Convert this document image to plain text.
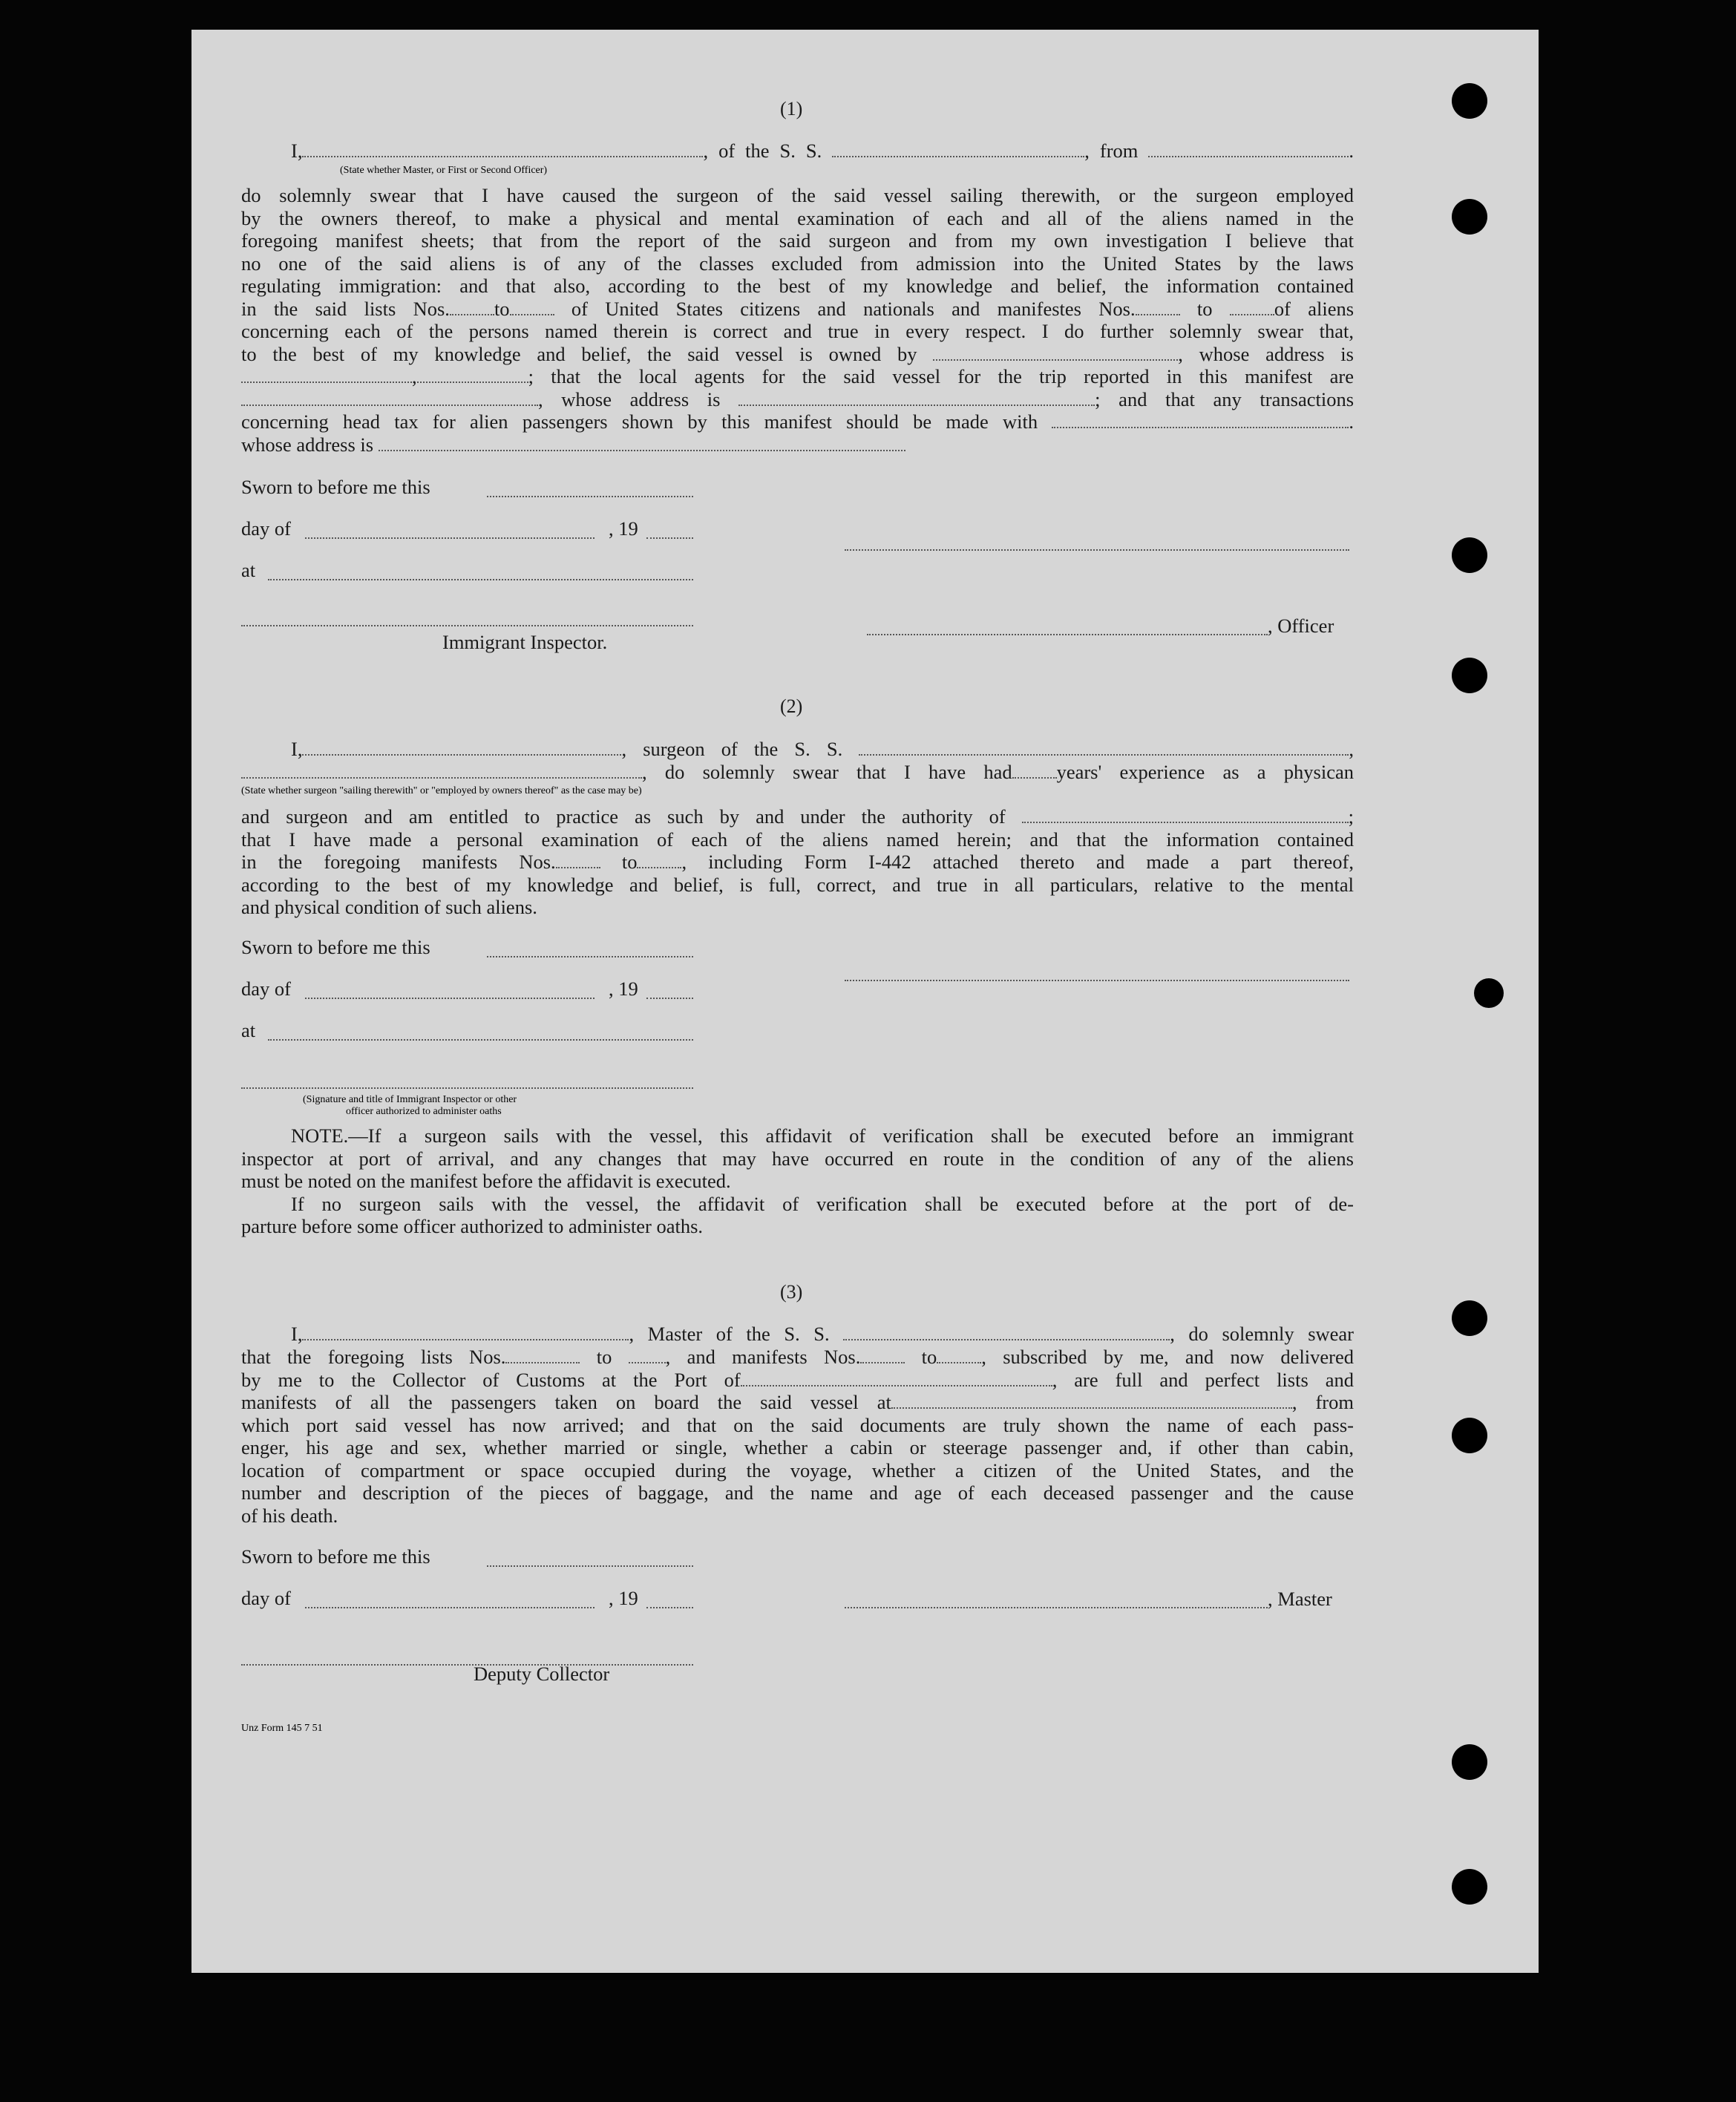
(1)
I,	, of the S. S.	, from	.
(State whether Master, or First or Second Officer)
do solemnly swear that I have caused the surgeon of the said vessel sailing therewith, or the surgeon employed
by the owners thereof, to make a physical and mental examination of each and all of the aliens named in the
foregoing manifest sheets; that from the report of the said surgeon and from my own investigation I believe that
no one of the said aliens is of any of the classes excluded from admission into the United States by the laws
regulating immigration: and that also, according to the best of my knowledge and belief, the information contained
in the said lists Nos. to	of United States citizens and nationals and manifestes Nos.	to	of aliens
concerning each of the persons named therein is correct and true in every respect. I do further solemnly swear that,
to the best of my knowledge and belief, the said vessel is owned by	, whose address is
,	; that the local agents for the said vessel for the trip reported in this manifest are
, whose address is	; and that any transactions
concerning head tax for alien passengers shown by this manifest should be made with	.
whose address is
Sworn to before me this
day of	, 19
at
, Officer
Immigrant Inspector.
(2)
I,	, surgeon of the S. S.	,
, do solemnly swear that I have had years' experience as a physican
(State whether surgeon "sailing therewith" or "employed by owners thereof" as the case may be)
and surgeon and am entitled to practice as such by and under the authority of	;
that I have made a personal examination of each of the aliens named herein; and that the information contained
in the foregoing manifests Nos.	to , including Form I-442 attached thereto and made a part thereof,
according to the best of my knowledge and belief, is full, correct, and true in all particulars, relative to the mental
and physical condition of such aliens.
Sworn to before me this
day of	, 19
at
(Signature and title of Immigrant Inspector or other
officer authorized to administer oaths
NOTE.—If a surgeon sails with the vessel, this affidavit of verification shall be executed before an immigrant
inspector at port of arrival, and any changes that may have occurred en route in the condition of any of the aliens
must be noted on the manifest before the affidavit is executed.
If no surgeon sails with the vessel, the affidavit of verification shall be executed before at the port of de-
parture before some officer authorized to administer oaths.
(3)
I,	, Master of the S. S.	, do solemnly swear
that the foregoing lists Nos.	to	, and manifests Nos.	to , subscribed by me, and now delivered
by me to the Collector of Customs at the Port of	, are full and perfect lists and
manifests of all the passengers taken on board the said vessel at	, from
which port said vessel has now arrived; and that on the said documents are truly shown the name of each pass-
enger, his age and sex, whether married or single, whether a cabin or steerage passenger and, if other than cabin,
location of compartment or space occupied during the voyage, whether a citizen of the United States, and the
number and description of the pieces of baggage, and the name and age of each deceased passenger and the cause
of his death.
Sworn to before me this
day of	, 19	, Master
Deputy Collector
Unz Form 145 7 51
